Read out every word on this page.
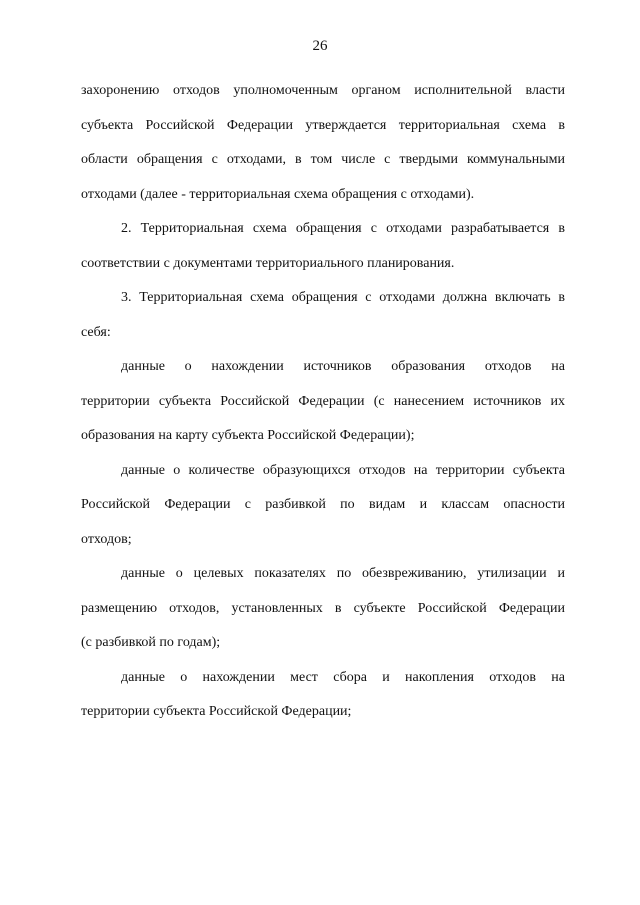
26
захоронению отходов уполномоченным органом исполнительной власти
субъекта Российской Федерации утверждается территориальная схема в
области обращения с отходами, в том числе с твердыми коммунальными
отходами (далее - территориальная схема обращения с отходами).
2. Территориальная схема обращения с отходами разрабатывается в
соответствии с документами территориального планирования.
3. Территориальная схема обращения с отходами должна включать в
себя:
данные о нахождении источников образования отходов на
территории субъекта Российской Федерации (с нанесением источников их
образования на карту субъекта Российской Федерации);
данные о количестве образующихся отходов на территории субъекта
Российской Федерации с разбивкой по видам и классам опасности
отходов;
данные о целевых показателях по обезвреживанию, утилизации и
размещению отходов, установленных в субъекте Российской Федерации
(с разбивкой по годам);
данные о нахождении мест сбора и накопления отходов на
территории субъекта Российской Федерации;
